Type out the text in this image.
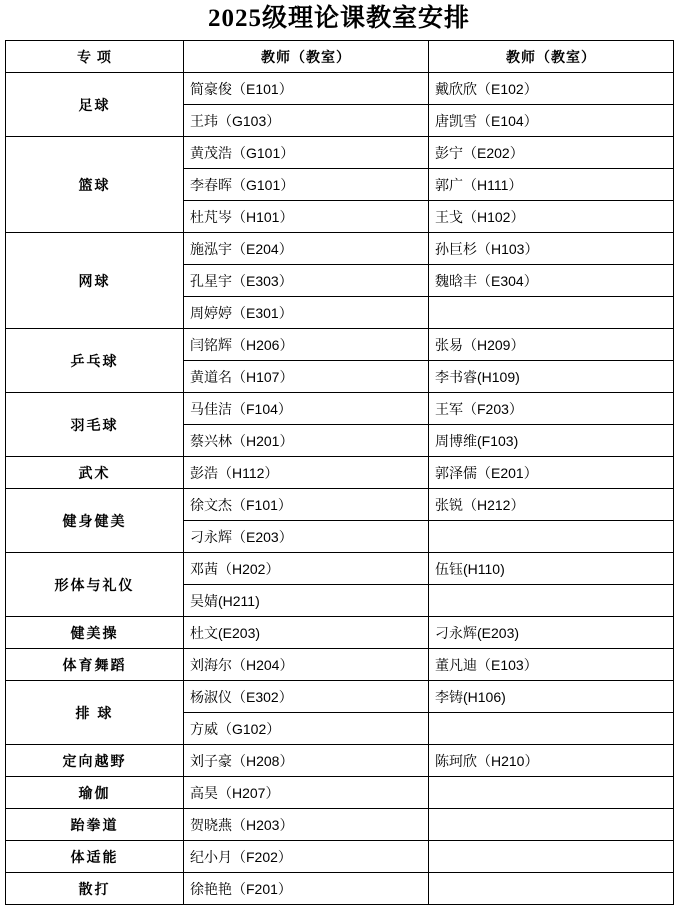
2025级理论课教室安排
专 项	教师（教室）	教师（教室）
足球	简豪俊（E101）	戴欣欣（E102）
	王玮（G103）	唐凯雪（E104）
篮球	黄茂浩（G101）	彭宁（E202）
	李春晖（G101）	郭广（H111）
	杜芃岑（H101）	王戈（H102）
网球	施泓宇（E204）	孙巨杉（H103）
	孔星宇（E303）	魏晗丰（E304）
	周婷婷（E301）	
乒乓球	闫铭辉（H206）	张易（H209）
	黄道名（H107）	李书睿(H109)
羽毛球	马佳洁（F104）	王军（F203）
	蔡兴林（H201）	周博维(F103)
武术	彭浩（H112）	郭泽儒（E201）
健身健美	徐文杰（F101）	张锐（H212）
	刁永辉（E203）	
形体与礼仪	邓茜（H202）	伍钰(H110)
	吴婧(H211)	
健美操	杜文(E203)	刁永辉(E203)
体育舞蹈	刘海尔（H204）	董凡迪（E103）
排 球	杨淑仪（E302）	李铸(H106)
	方威（G102）	
定向越野	刘子豪（H208）	陈珂欣（H210）
瑜伽	高昊（H207）	
跆拳道	贺晓燕（H203）	
体适能	纪小月（F202）	
散打	徐艳艳（F201）	
